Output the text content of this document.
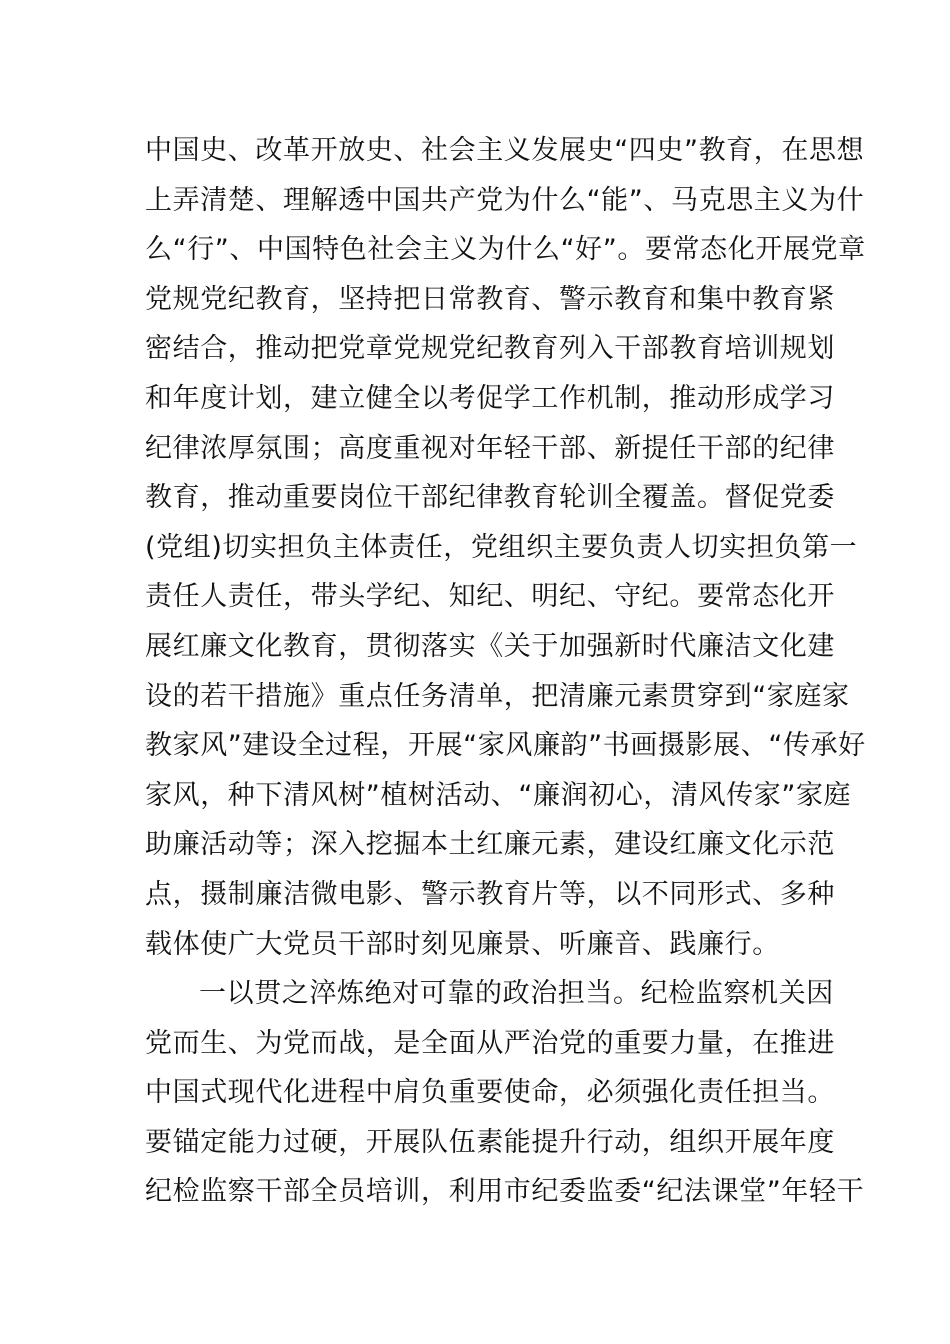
中国史、改革开放史、社会主义发展史“四史”教育，在思想
上弄清楚、理解透中国共产党为什么“能”、马克思主义为什
么“行”、中国特色社会主义为什么“好”。要常态化开展党章
党规党纪教育，坚持把日常教育、警示教育和集中教育紧
密结合，推动把党章党规党纪教育列入干部教育培训规划
和年度计划，建立健全以考促学工作机制，推动形成学习
纪律浓厚氛围；高度重视对年轻干部、新提任干部的纪律
教育，推动重要岗位干部纪律教育轮训全覆盖。督促党委
(党组)切实担负主体责任，党组织主要负责人切实担负第一
责任人责任，带头学纪、知纪、明纪、守纪。要常态化开
展红廉文化教育，贯彻落实《关于加强新时代廉洁文化建
设的若干措施》重点任务清单，把清廉元素贯穿到“家庭家
教家风”建设全过程，开展“家风廉韵”书画摄影展、“传承好
家风，种下清风树”植树活动、“廉润初心，清风传家”家庭
助廉活动等；深入挖掘本土红廉元素，建设红廉文化示范
点，摄制廉洁微电影、警示教育片等，以不同形式、多种
载体使广大党员干部时刻见廉景、听廉音、践廉行。
一以贯之淬炼绝对可靠的政治担当。纪检监察机关因
党而生、为党而战，是全面从严治党的重要力量，在推进
中国式现代化进程中肩负重要使命，必须强化责任担当。
要锚定能力过硬，开展队伍素能提升行动，组织开展年度
纪检监察干部全员培训，利用市纪委监委“纪法课堂”年轻干
